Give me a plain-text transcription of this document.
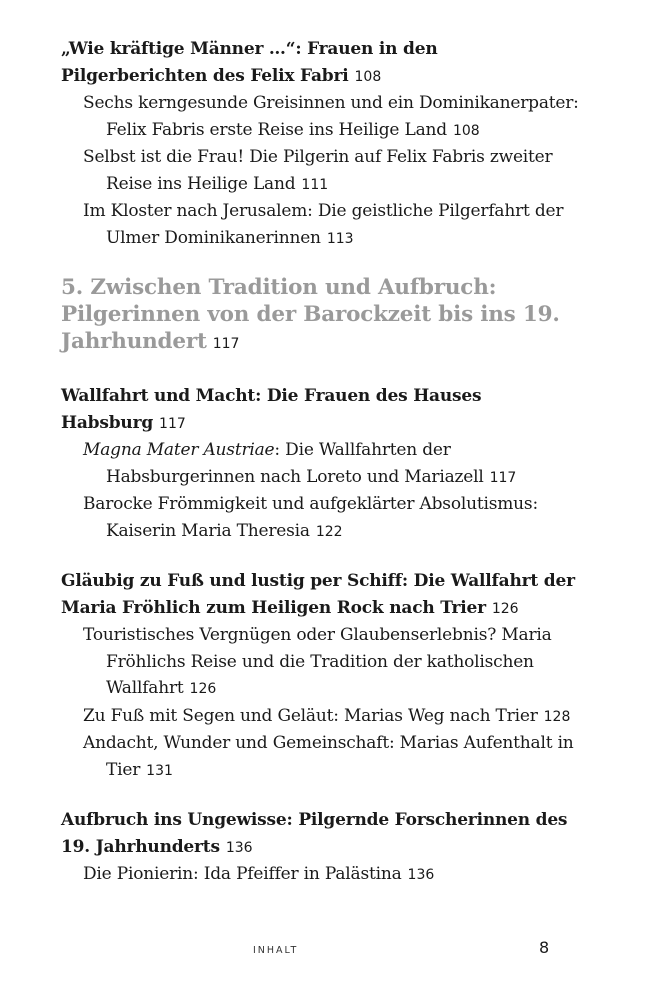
„Wie kräftige Männer …“: Frauen in den Pilgerberichten des Felix Fabri 108
Sechs kerngesunde Greisinnen und ein Dominikanerpater: Felix Fabris erste Reise ins Heilige Land 108
Selbst ist die Frau! Die Pilgerin auf Felix Fabris zweiter Reise ins Heilige Land 111
Im Kloster nach Jerusalem: Die geistliche Pilgerfahrt der Ulmer Dominikanerinnen 113
5. Zwischen Tradition und Aufbruch: Pilgerinnen von der Barockzeit bis ins 19. Jahrhundert 117
Wallfahrt und Macht: Die Frauen des Hauses Habsburg 117
Magna Mater Austriae: Die Wallfahrten der Habsburgerinnen nach Loreto und Mariazell 117
Barocke Frömmigkeit und aufgeklärter Absolutismus: Kaiserin Maria Theresia 122
Gläubig zu Fuß und lustig per Schiff: Die Wallfahrt der Maria Fröhlich zum Heiligen Rock nach Trier 126
Touristisches Vergnügen oder Glaubenserlebnis? Maria Fröhlichs Reise und die Tradition der katholischen Wallfahrt 126
Zu Fuß mit Segen und Geläut: Marias Weg nach Trier 128
Andacht, Wunder und Gemeinschaft: Marias Aufenthalt in Tier 131
Aufbruch ins Ungewisse: Pilgernde Forscherinnen des 19. Jahrhunderts 136
Die Pionierin: Ida Pfeiffer in Palästina 136
INHALT	8
